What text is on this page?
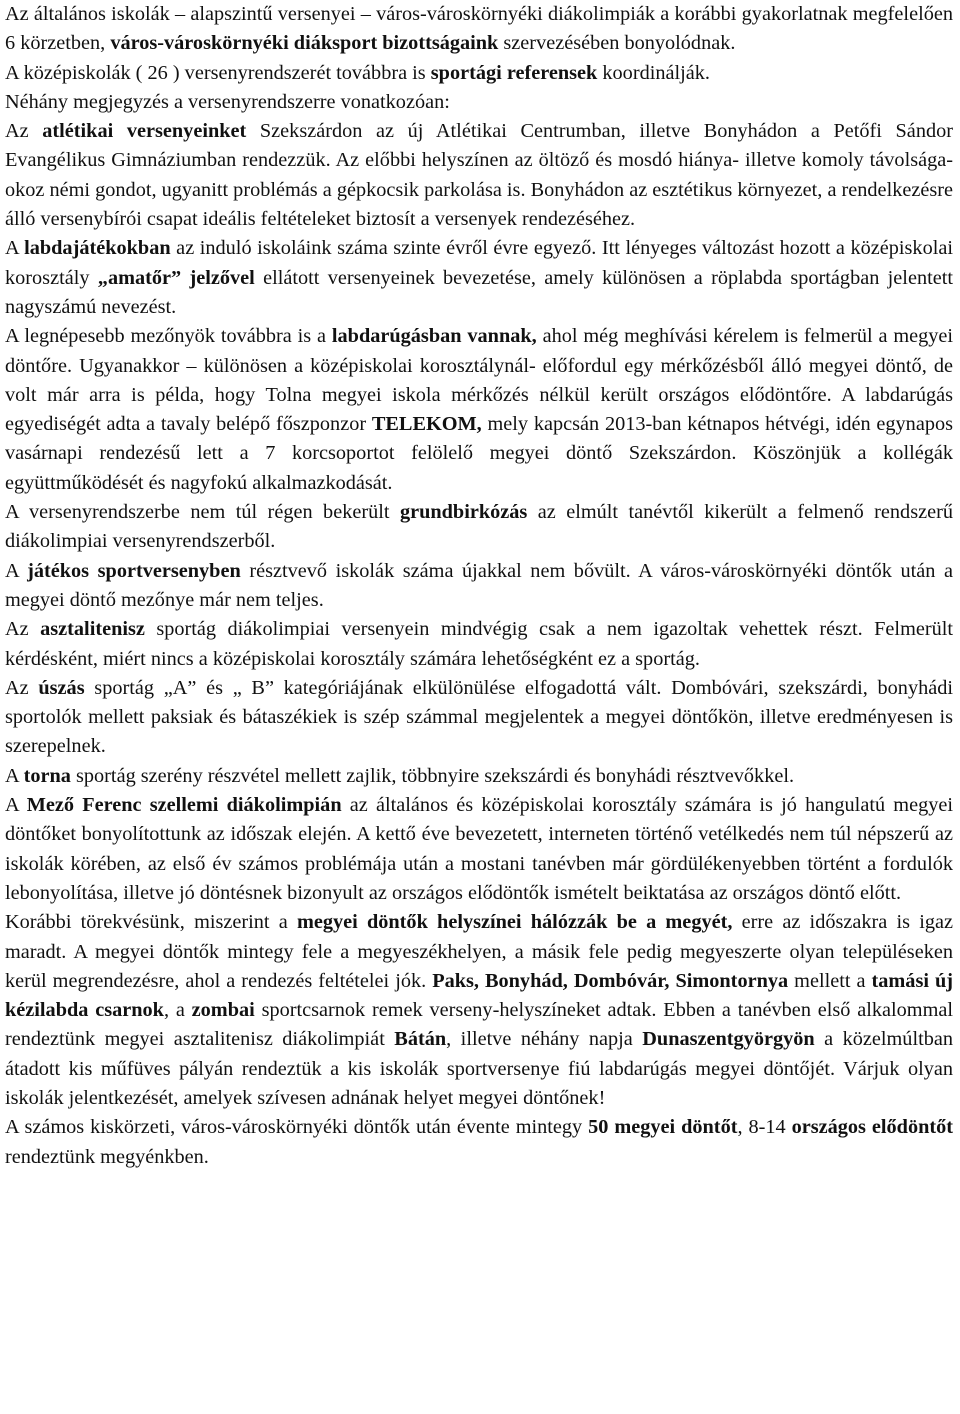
Az általános iskolák – alapszintű versenyei – város-városkörnyéki diákolimpiák a korábbi gyakorlatnak megfelelően 6 körzetben, város-városkörnyéki diáksport bizottságaink szervezésében bonyolódnak.

A középiskolák ( 26 ) versenyrendszerét továbbra is sportági referensek koordinálják.

Néhány megjegyzés a versenyrendszerre vonatkozóan:

Az atlétikai versenyeinket Szekszárdon az új Atlétikai Centrumban, illetve Bonyhádon a Petőfi Sándor Evangélikus Gimnáziumban rendezzük. Az előbbi helyszínen az öltöző és mosdó hiánya- illetve komoly távolsága- okoz némi gondot, ugyanitt problémás a gépkocsik parkolása is. Bonyhádon az esztétikus környezet, a rendelkezésre álló versenybírói csapat ideális feltételeket biztosít a versenyek rendezéséhez.

A labdajátékokban az induló iskoláink száma szinte évről évre egyező. Itt lényeges változást hozott a középiskolai korosztály „amatőr” jelzővel ellátott versenyeinek bevezetése, amely különösen a röplabda sportágban jelentett nagyszámú nevezést.

A legnépesebb mezőnyök továbbra is a labdarúgásban vannak, ahol még meghívási kérelem is felmerül a megyei döntőre. Ugyanakkor – különösen a középiskolai korosztálynál- előfordul egy mérkőzésből álló megyei döntő, de volt már arra is példa, hogy Tolna megyei iskola mérkőzés nélkül került országos elődöntőre. A labdarúgás egyediségét adta a tavaly belépő főszponzor TELEKOM, mely kapcsán 2013-ban kétnapos hétvégi, idén egynapos vasárnapi rendezésű lett a 7 korcsoportot felölelő megyei döntő Szekszárdon. Köszönjük a kollégák együttműködését és nagyfokú alkalmazkodását.

A versenyrendszerbe nem túl régen bekerült grundbirkózás az elmúlt tanévtől kikerült a felmenő rendszerű diákolimpiai versenyrendszerből.

A játékos sportversenyben résztvevő iskolák száma újakkal nem bővült. A város-városkörnyéki döntők után a megyei döntő mezőnye már nem teljes.

Az asztalitenisz sportág diákolimpiai versenyein mindvégig csak a nem igazoltak vehettek részt. Felmerült kérdésként, miért nincs a középiskolai korosztály számára lehetőségként ez a sportág.

Az úszás sportág „A” és „ B” kategóriájának elkülönülése elfogadottá vált. Dombóvári, szekszárdi, bonyhádi sportolók mellett paksiak és bátaszékiek is szép számmal megjelentek a megyei döntőkön, illetve eredményesen is szerepelnek.

A torna sportág szerény részvétel mellett zajlik, többnyire szekszárdi és bonyhádi résztvevőkkel.

A Mező Ferenc szellemi diákolimpián az általános és középiskolai korosztály számára is jó hangulatú megyei döntőket bonyolítottunk az időszak elején. A kettő éve bevezetett, interneten történő vetélkedés nem túl népszerű az iskolák körében, az első év számos problémája után a mostani tanévben már gördülékenyebben történt a fordulók lebonyolítása, illetve jó döntésnek bizonyult az országos elődöntők ismételt beiktatása az országos döntő előtt.

Korábbi törekvésünk, miszerint a megyei döntők helyszínei hálózzák be a megyét, erre az időszakra is igaz maradt. A megyei döntők mintegy fele a megyeszékhelyen, a másik fele pedig megyeszerte olyan településeken kerül megrendezésre, ahol a rendezés feltételei jók. Paks, Bonyhád, Dombóvár, Simontornya mellett a tamási új kézilabda csarnok, a zombai sportcsarnok remek verseny-helyszíneket adtak. Ebben a tanévben első alkalommal rendeztünk megyei asztalitenisz diákolimpiát Bátán, illetve néhány napja Dunaszentgyörgyön a közelmúltban átadott kis műfüves pályán rendeztük a kis iskolák sportversenye fiú labdarúgás megyei döntőjét. Várjuk olyan iskolák jelentkezését, amelyek szívesen adnának helyet megyei döntőnek!

A számos kiskörzeti, város-városkörnyéki döntők után évente mintegy 50 megyei döntőt, 8-14 országos elődöntőt rendeztünk megyénkben.
